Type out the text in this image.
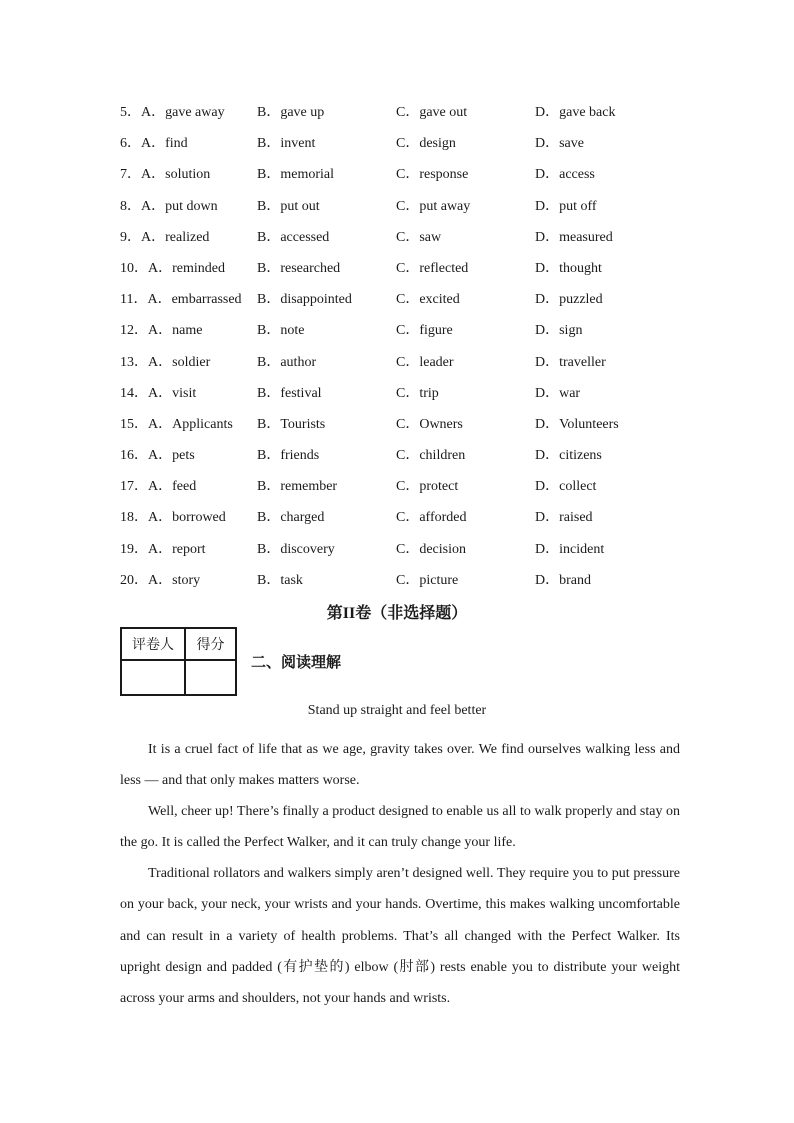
5．A．gave away B．gave up	C．gave out	D．gave back
6．A．find	B．invent	C．design	D．save
7．A．solution	B．memorial	C．response	D．access
8．A．put down	B．put out	C．put away	D．put off
9．A．realized	B．accessed	C．saw	D．measured
10．A．reminded B．researched	C．reflected	D．thought
11．A．embarrassed B．disappointed	C．excited	D．puzzled
12．A．name	B．note	C．figure	D．sign
13．A．soldier	B．author	C．leader	D．traveller
14．A．visit	B．festival	C．trip	D．war
15．A．Applicants B．Tourists	C．Owners	D．Volunteers
16．A．pets	B．friends	C．children	D．citizens
17．A．feed	B．remember	C．protect	D．collect
18．A．borrowed B．charged	C．afforded	D．raised
19．A．report	B．discovery	C．decision	D．incident
20．A．story	B．task	C．picture	D．brand
第II卷（非选择题）
评卷人	得分

二、阅读理解
Stand up straight and feel better

It is a cruel fact of life that as we age, gravity takes over. We find ourselves walking less and less — and that only makes matters worse.

Well, cheer up! There’s finally a product designed to enable us all to walk properly and stay on the go. It is called the Perfect Walker, and it can truly change your life.

Traditional rollators and walkers simply aren’t designed well. They require you to put pressure on your back, your neck, your wrists and your hands. Overtime, this makes walking uncomfortable and can result in a variety of health problems. That’s all changed with the Perfect Walker. Its upright design and padded (有护垫的) elbow (肘部) rests enable you to distribute your weight across your arms and shoulders, not your hands and wrists.
